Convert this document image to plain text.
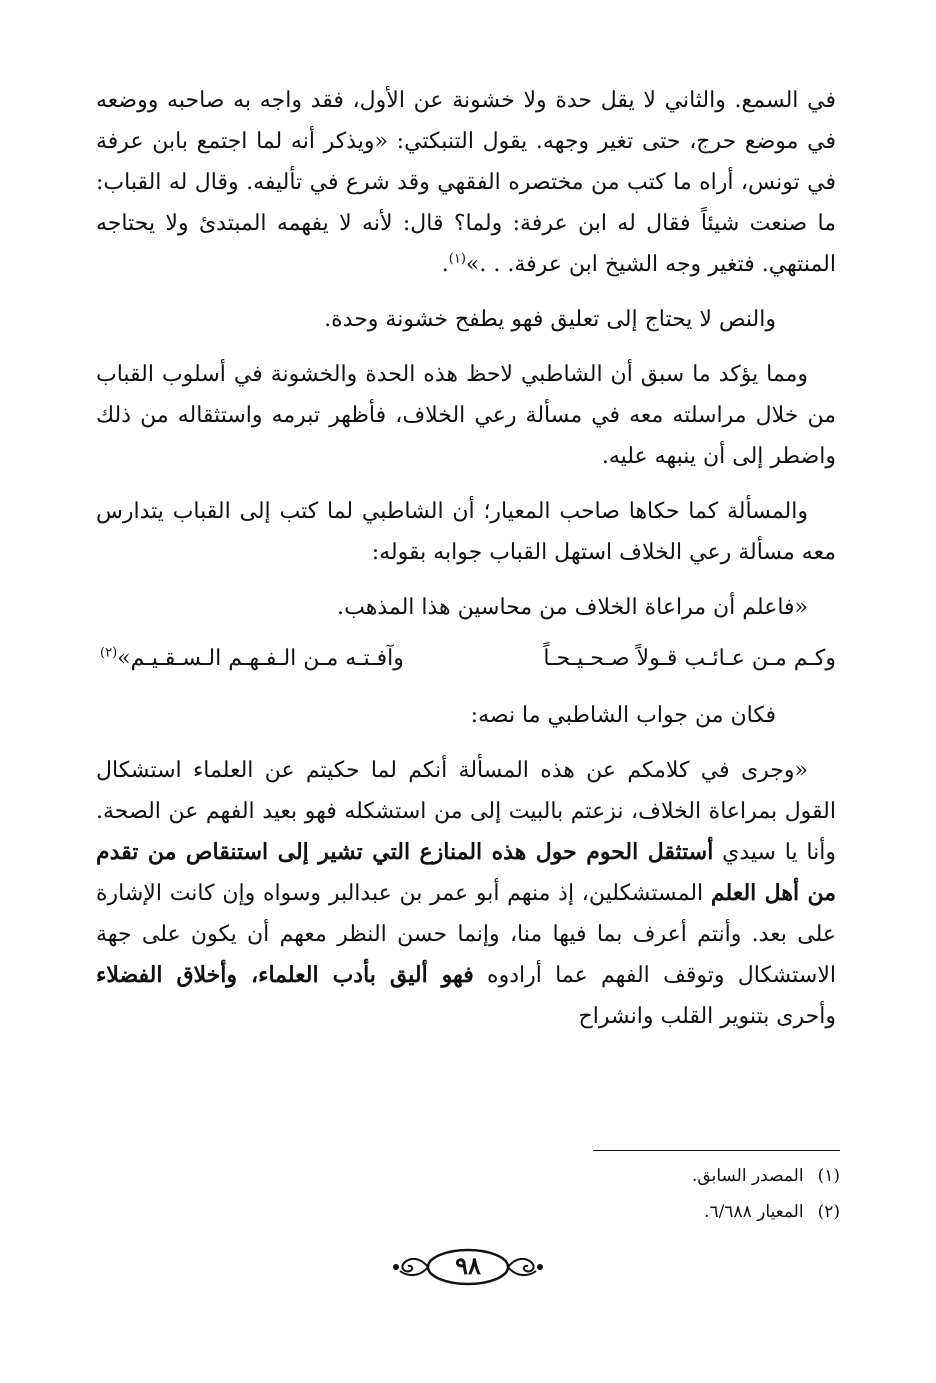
في السمع. والثاني لا يقل حدة ولا خشونة عن الأول، فقد واجه به صاحبه ووضعه في موضع حرج، حتى تغير وجهه. يقول التنبكتي: «ويذكر أنه لما اجتمع بابن عرفة في تونس، أراه ما كتب من مختصره الفقهي وقد شرع في تأليفه. وقال له القباب: ما صنعت شيئاً فقال له ابن عرفة: ولما؟ قال: لأنه لا يفهمه المبتدئ ولا يحتاجه المنتهي. فتغير وجه الشيخ ابن عرفة. . .»$^{(١)}$.

والنص لا يحتاج إلى تعليق فهو يطفح خشونة وحدة.

ومما يؤكد ما سبق أن الشاطبي لاحظ هذه الحدة والخشونة في أسلوب القباب من خلال مراسلته معه في مسألة رعي الخلاف، فأظهر تبرمه واستثقاله من ذلك واضطر إلى أن ينبهه عليه.

والمسألة كما حكاها صاحب المعيار؛ أن الشاطبي لما كتب إلى القباب يتدارس معه مسألة رعي الخلاف استهل القباب جوابه بقوله:

«فاعلم أن مراعاة الخلاف من محاسين هذا المذهب.

وكـم مـن عـائـب قـولاً صـحـيـحـاً
وآفـتـه مـن الـفـهـم الـسـقـيـم»$^{(٢)}$

فكان من جواب الشاطبي ما نصه:

«وجرى في كلامكم عن هذه المسألة أنكم لما حكيتم عن العلماء استشكال القول بمراعاة الخلاف، نزعتم بالبيت إلى من استشكله فهو بعيد الفهم عن الصحة. وأنا يا سيدي أستثقل الحوم حول هذه المنازع التي تشير إلى استنقاص من تقدم من أهل العلم المستشكلين، إذ منهم أبو عمر بن عبدالبر وسواه وإن كانت الإشارة على بعد. وأنتم أعرف بما فيها منا، وإنما حسن النظر معهم أن يكون على جهة الاستشكال وتوقف الفهم عما أرادوه فهو أليق بأدب العلماء، وأخلاق الفضلاء وأحرى بتنوير القلب وانشراح

(١)
المصدر السابق.
(٢)
المعيار ٦/٦٨٨.
٩٨
